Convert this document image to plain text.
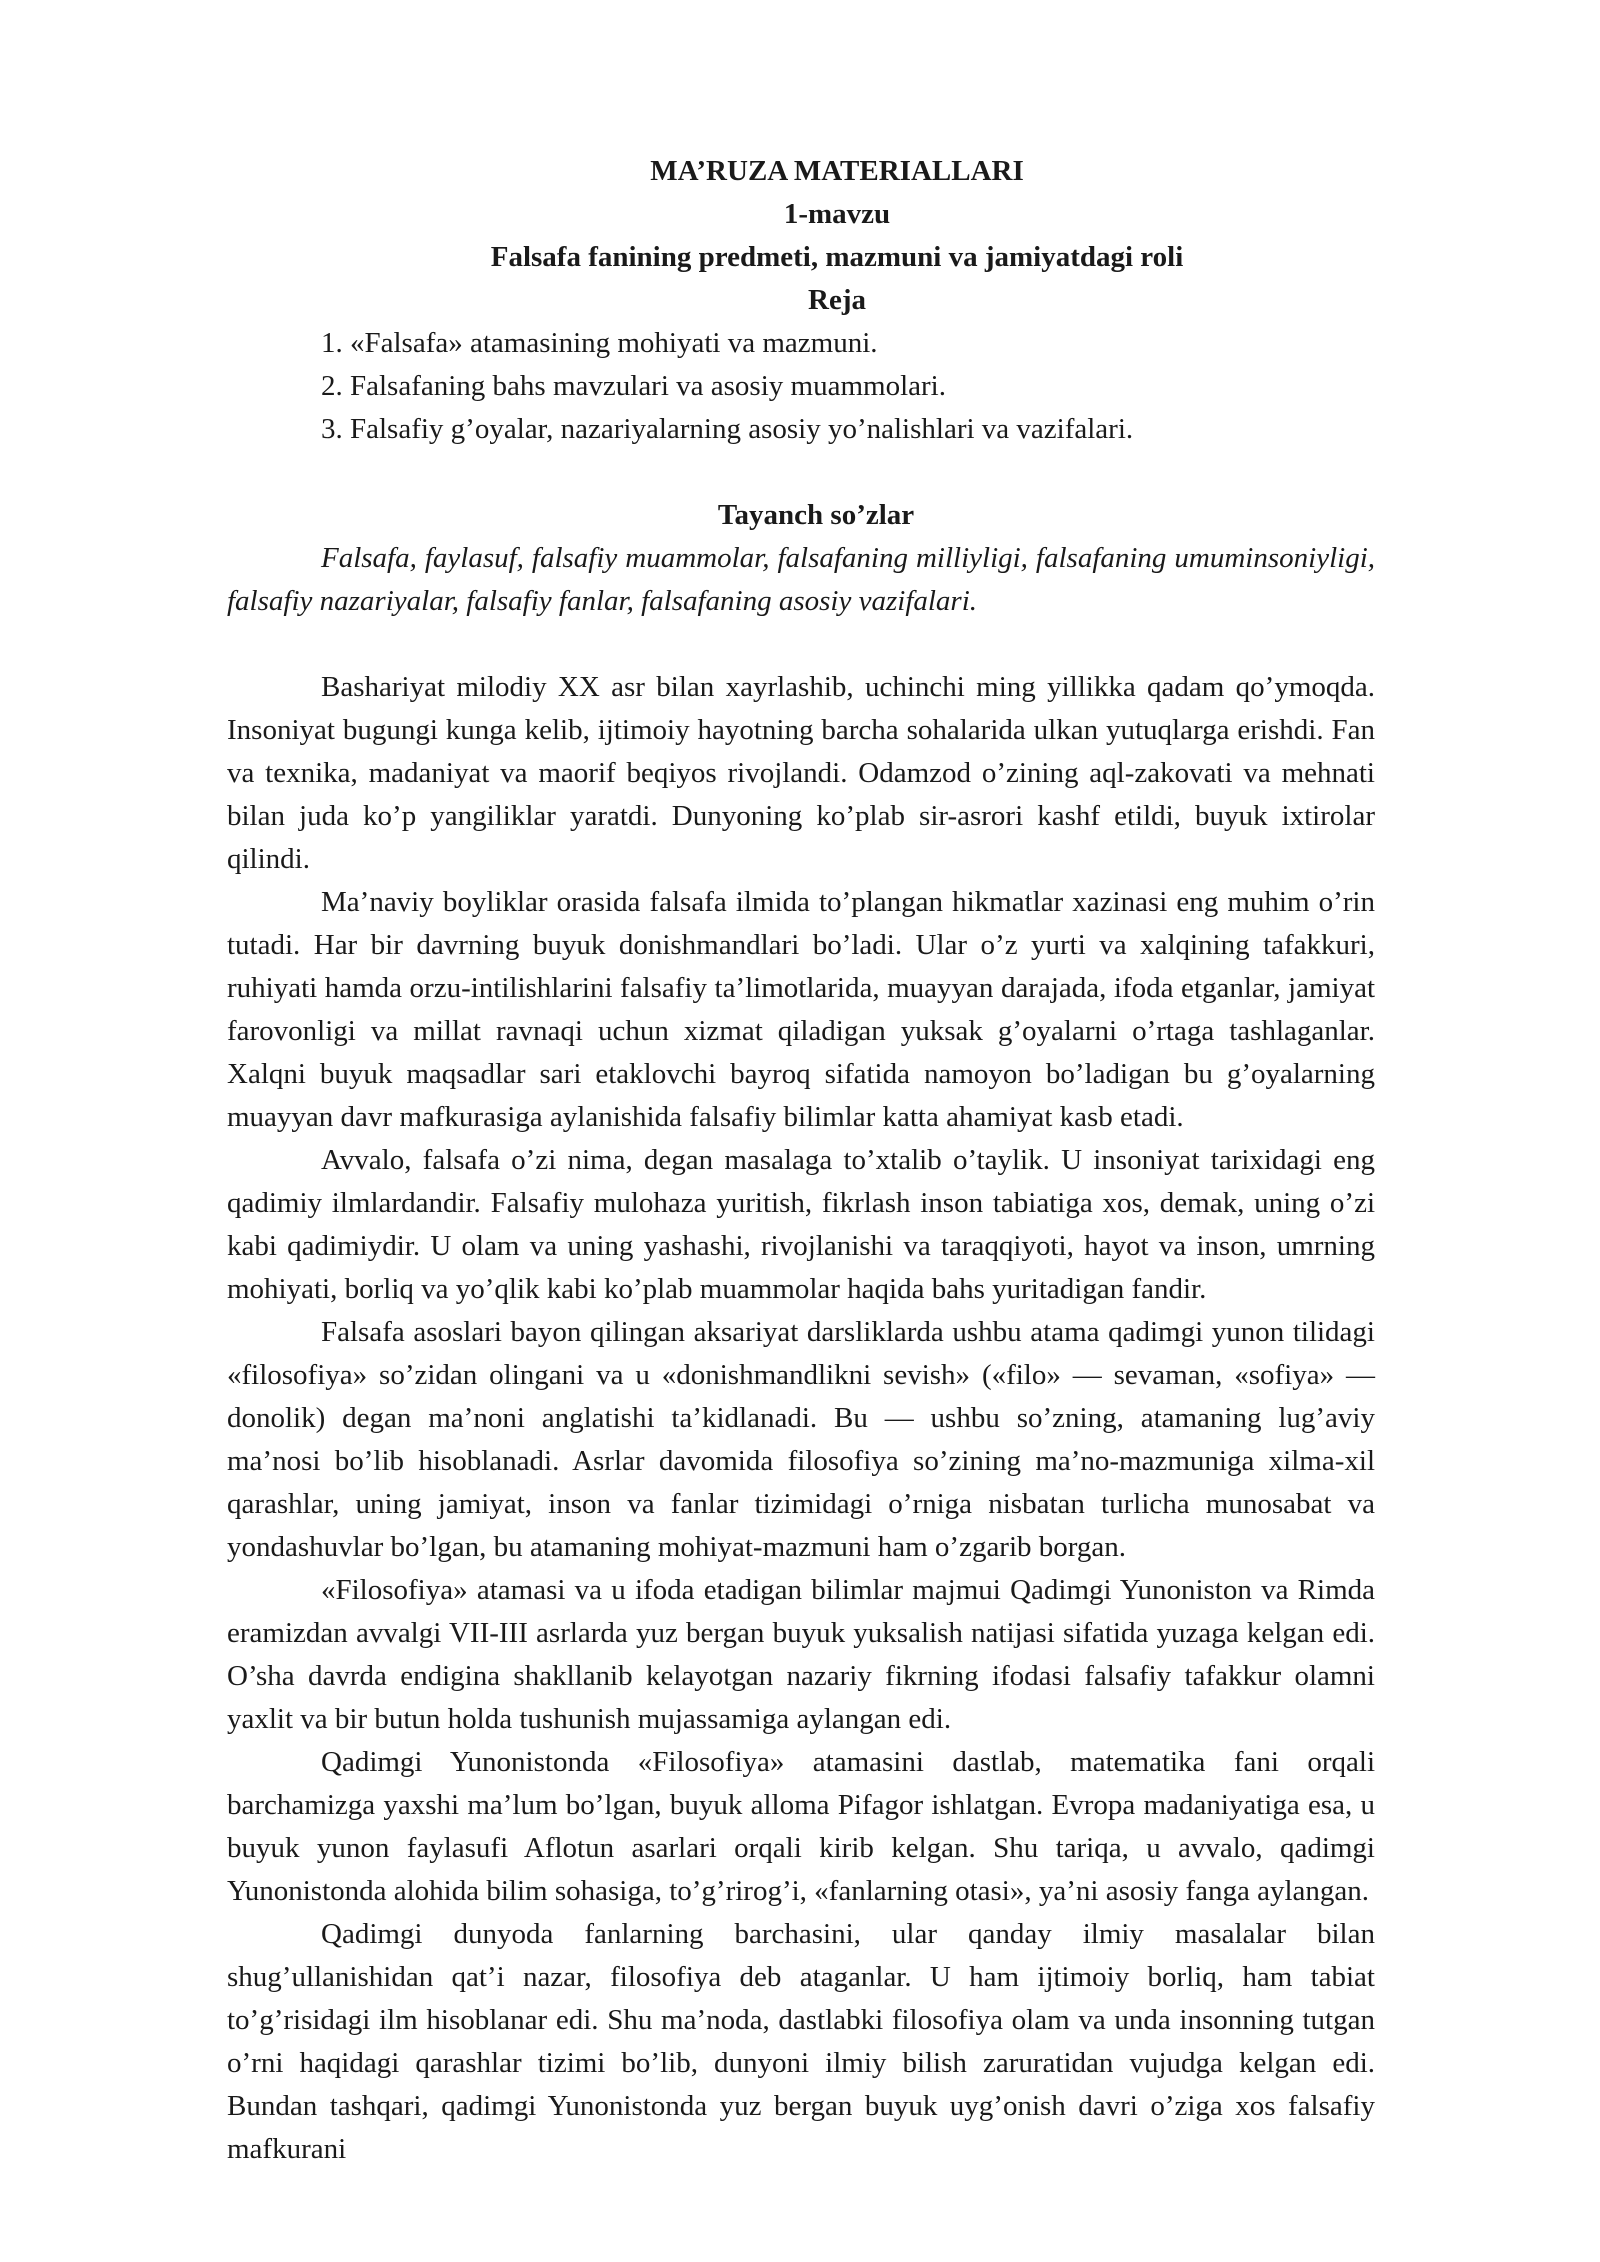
MA’RUZA MATERIALLARI
1-mavzu
Falsafa fanining predmeti, mazmuni va jamiyatdagi roli
Reja
1. «Falsafa» atamasining mohiyati va mazmuni.
2. Falsafaning bahs mavzulari va asosiy muammolari.
3. Falsafiy g’oyalar, nazariyalarning asosiy yo’nalishlari va vazifalari.
Tayanch so’zlar

Falsafa, faylasuf, falsafiy muammolar, falsafaning milliyligi, falsafaning umuminsoniyligi, falsafiy nazariyalar, falsafiy fanlar, falsafaning asosiy vazifalari.

Bashariyat milodiy XX asr bilan xayrlashib, uchinchi ming yillikka qadam qo’ymoqda. Insoniyat bugungi kunga kelib, ijtimoiy hayotning barcha sohalarida ulkan yutuqlarga erishdi. Fan va texnika, madaniyat va maorif beqiyos rivojlandi. Odamzod o’zining aql-zakovati va mehnati bilan juda ko’p yangiliklar yaratdi. Dunyoning ko’plab sir-asrori kashf etildi, buyuk ixtirolar qilindi.

Ma’naviy boyliklar orasida falsafa ilmida to’plangan hikmatlar xazinasi eng muhim o’rin tutadi. Har bir davrning buyuk donishmandlari bo’ladi. Ular o’z yurti va xalqining tafakkuri, ruhiyati hamda orzu-intilishlarini falsafiy ta’limotlarida, muayyan darajada, ifoda etganlar, jamiyat farovonligi va millat ravnaqi uchun xizmat qiladigan yuksak g’oyalarni o’rtaga tashlaganlar. Xalqni buyuk maqsadlar sari etaklovchi bayroq sifatida namoyon bo’ladigan bu g’oyalarning muayyan davr mafkurasiga aylanishida falsafiy bilimlar katta ahamiyat kasb etadi.

Avvalo, falsafa o’zi nima, degan masalaga to’xtalib o’taylik. U insoniyat tarixidagi eng qadimiy ilmlardandir. Falsafiy mulohaza yuritish, fikrlash inson tabiatiga xos, demak, uning o’zi kabi qadimiydir. U olam va uning yashashi, rivojlanishi va taraqqiyoti, hayot va inson, umrning mohiyati, borliq va yo’qlik kabi ko’plab muammolar haqida bahs yuritadigan fandir.

Falsafa asoslari bayon qilingan aksariyat darsliklarda ushbu atama qadimgi yunon tilidagi «filosofiya» so’zidan olingani va u «donishmandlikni sevish» («filo» — sevaman, «sofiya» — donolik) degan ma’noni anglatishi ta’kidlanadi. Bu — ushbu so’zning, atamaning lug’aviy ma’nosi bo’lib hisoblanadi. Asrlar davomida filosofiya so’zining ma’no-mazmuniga xilma-xil qarashlar, uning jamiyat, inson va fanlar tizimidagi o’rniga nisbatan turlicha munosabat va yondashuvlar bo’lgan, bu atamaning mohiyat-mazmuni ham o’zgarib borgan.

«Filosofiya» atamasi va u ifoda etadigan bilimlar majmui Qadimgi Yunoniston va Rimda eramizdan avvalgi VII-III asrlarda yuz bergan buyuk yuksalish natijasi sifatida yuzaga kelgan edi. O’sha davrda endigina shakllanib kelayotgan nazariy fikrning ifodasi falsafiy tafakkur olamni yaxlit va bir butun holda tushunish mujassamiga aylangan edi.

Qadimgi Yunonistonda «Filosofiya» atamasini dastlab, matematika fani orqali barchamizga yaxshi ma’lum bo’lgan, buyuk alloma Pifagor ishlatgan. Evropa madaniyatiga esa, u buyuk yunon faylasufi Aflotun asarlari orqali kirib kelgan. Shu tariqa, u avvalo, qadimgi Yunonistonda alohida bilim sohasiga, to’g’rirog’i, «fanlarning otasi», ya’ni asosiy fanga aylangan.

Qadimgi dunyoda fanlarning barchasini, ular qanday ilmiy masalalar bilan shug’ullanishidan qat’i nazar, filosofiya deb ataganlar. U ham ijtimoiy borliq, ham tabiat to’g’risidagi ilm hisoblanar edi. Shu ma’noda, dastlabki filosofiya olam va unda insonning tutgan o’rni haqidagi qarashlar tizimi bo’lib, dunyoni ilmiy bilish zaruratidan vujudga kelgan edi. Bundan tashqari, qadimgi Yunonistonda yuz bergan buyuk uyg’onish davri o’ziga xos falsafiy mafkurani
